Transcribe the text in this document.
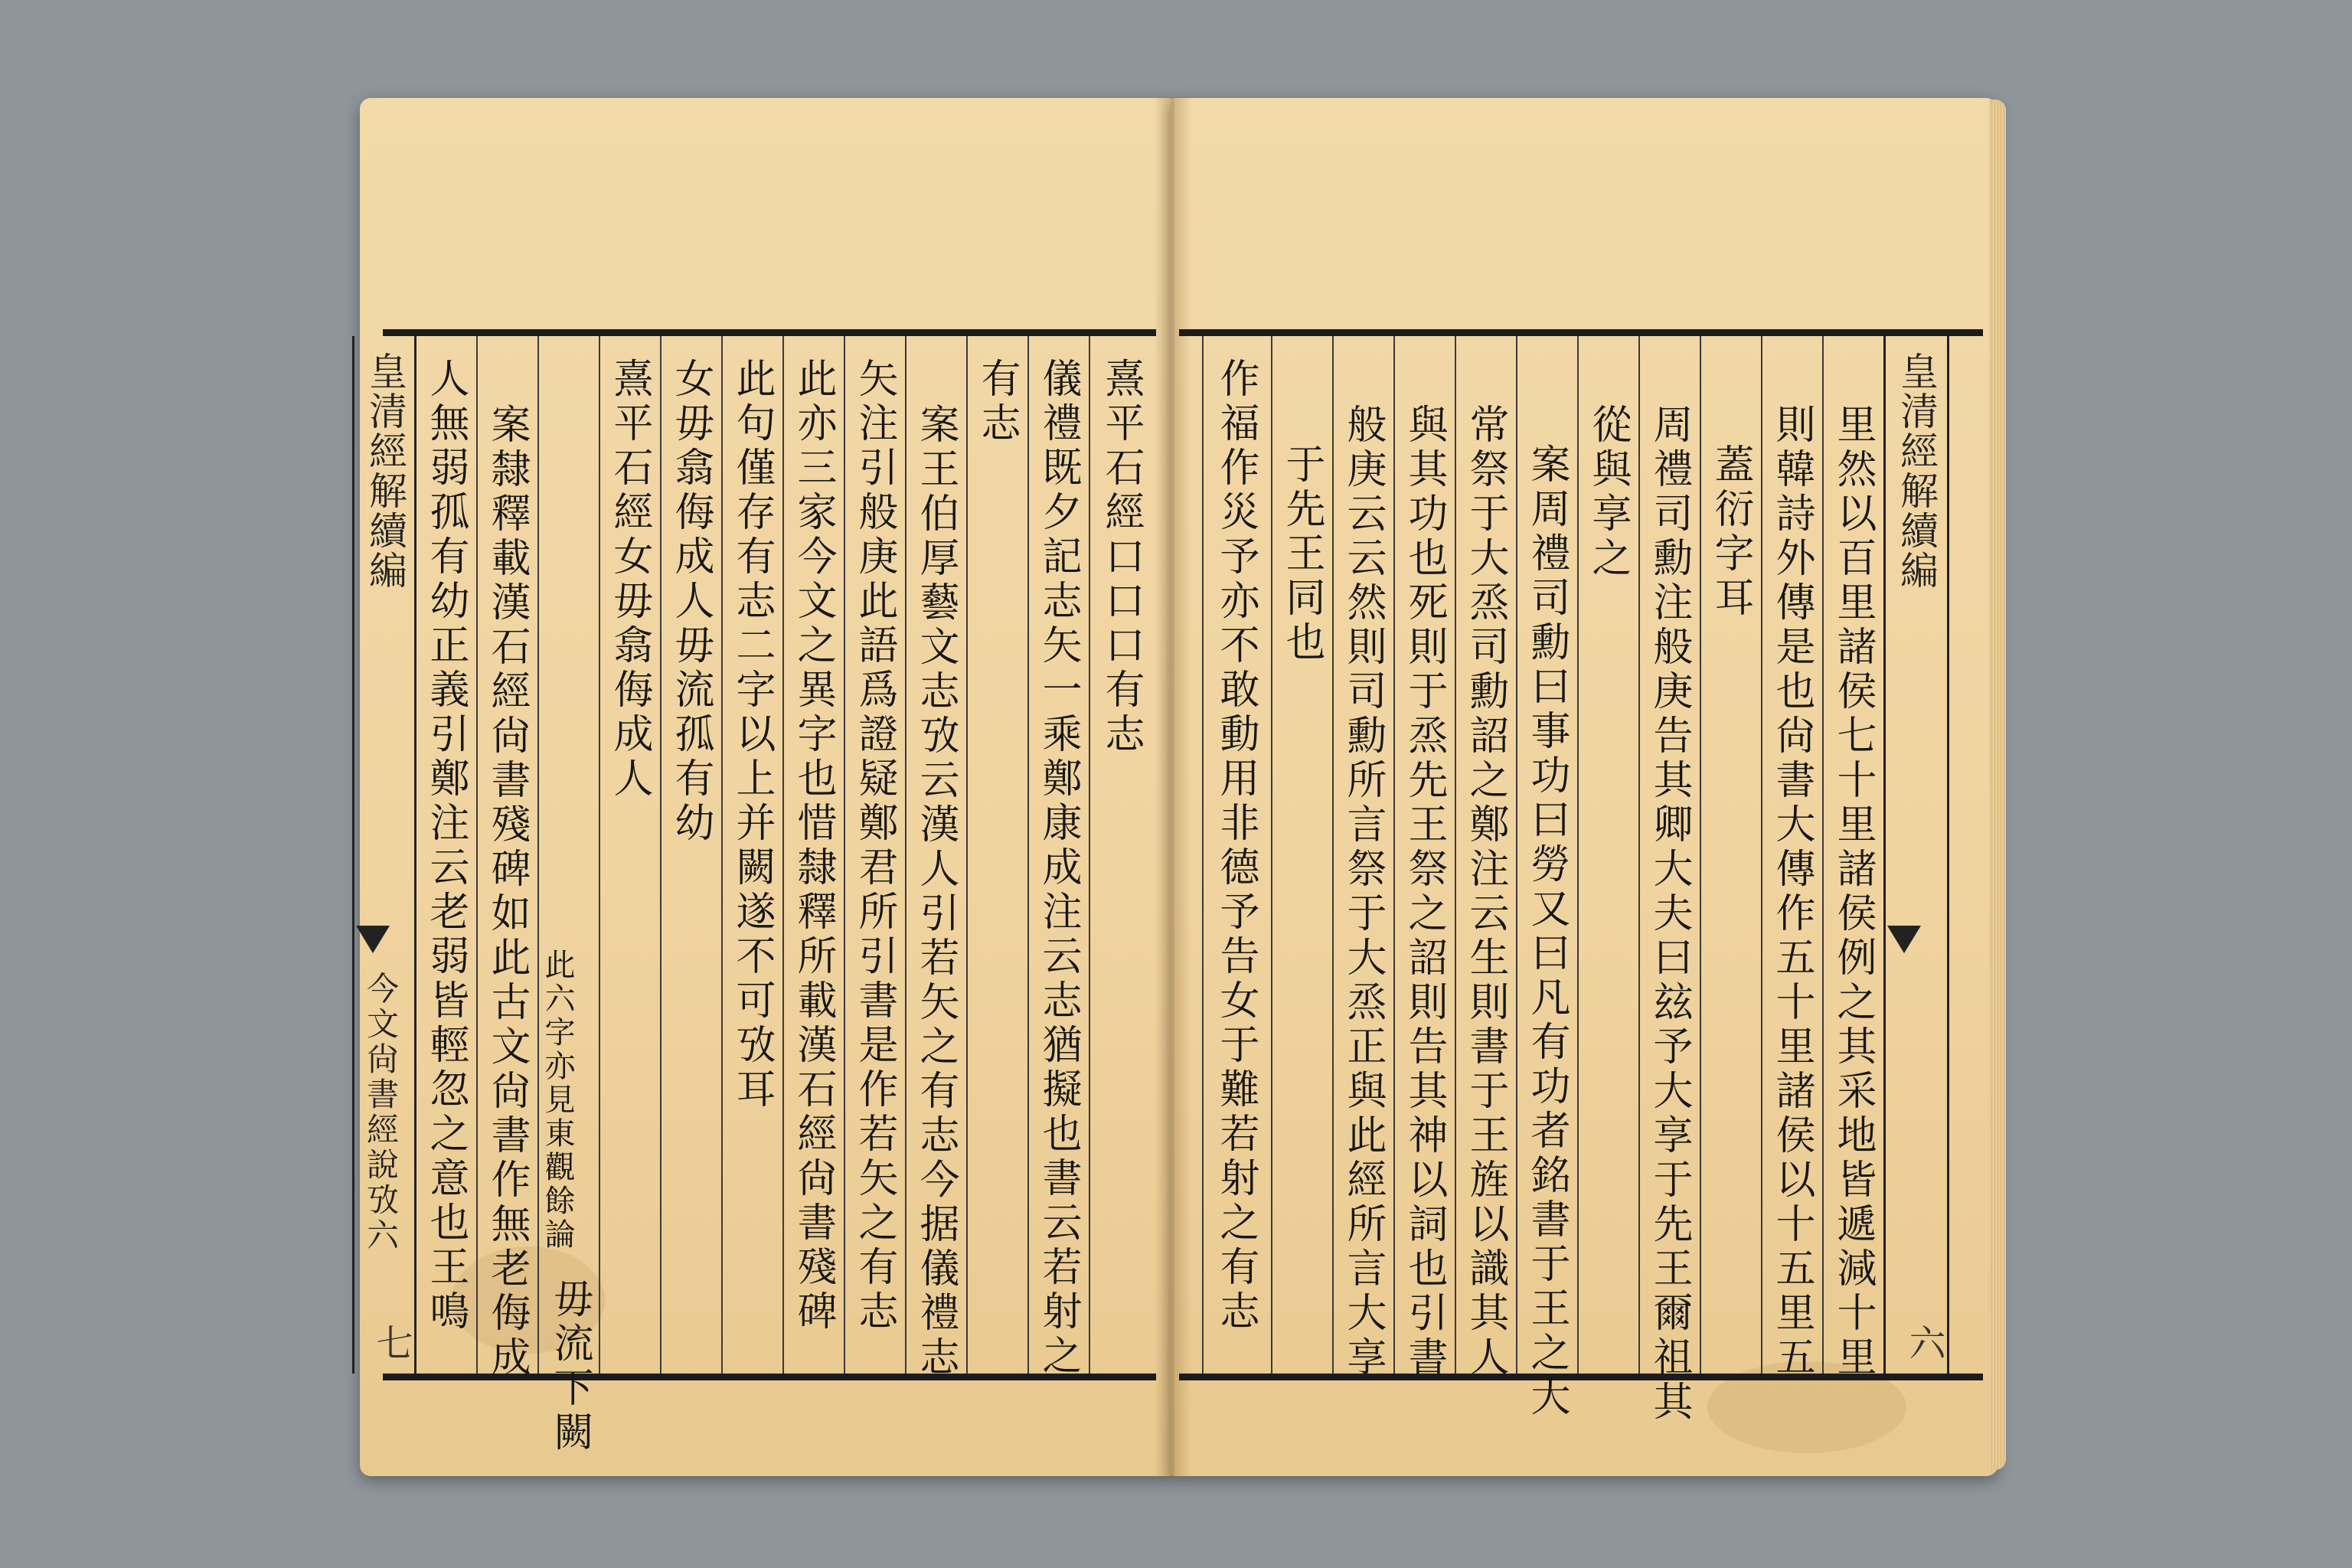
熹平石經口口口有志
儀禮既夕記志矢一乘鄭康成注云志猶擬也書云若射之
有志
案王伯厚藝文志攷云漢人引若矢之有志今据儀禮志
矢注引般庚此語爲證疑鄭君所引書是作若矢之有志
此亦三家今文之異字也惜隸釋所載漢石經尙書殘碑
此句僅存有志二字以上并闕遂不可攷耳
女毋翕侮成人毋流孤有幼
熹平石經女毋翕侮成人
此六字亦見東觀餘論
毋流下闕
案隸釋載漢石經尙書殘碑如此古文尙書作無老侮成
人無弱孤有幼正義引鄭注云老弱皆輕忽之意也王鳴
皇清經解續編
今文尙書經說攷六
七
皇清經解續編
六
里然以百里諸侯七十里諸侯例之其采地皆遞減十里
則韓詩外傳是也尙書大傳作五十里諸侯以十五里五
蓋衍字耳
周禮司勳注般庚告其卿大夫曰玆予大享于先王爾祖其
從與享之
案周禮司勳曰事功曰勞又曰凡有功者銘書于王之大
常祭于大烝司勳詔之鄭注云生則書于王旌以識其人
與其功也死則于烝先王祭之詔則告其神以詞也引書
般庚云云然則司勳所言祭于大烝正與此經所言大享
于先王同也
作福作災予亦不敢動用非德予告女于難若射之有志
